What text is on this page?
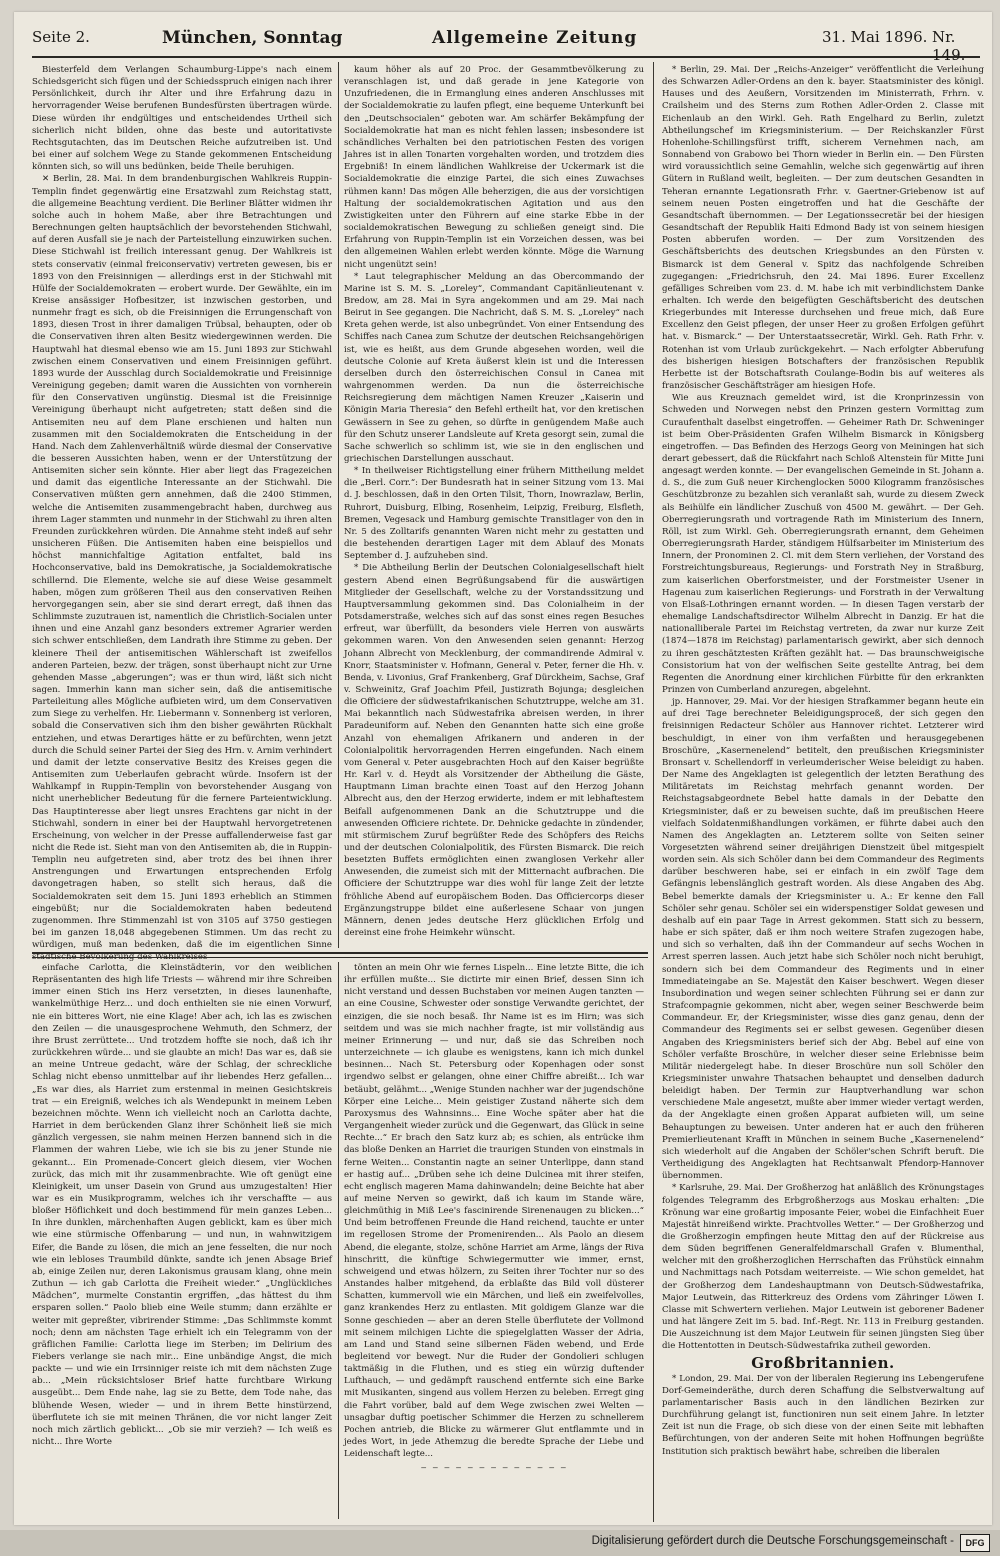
Seite 2.	München, Sonntag	Allgemeine Zeitung	31. Mai 1896. Nr. 149.

Biesterfeld dem Verlangen Schaumburg-Lippe's nach einem Schiedsgericht sich fügen und der Schiedsspruch einigen nach ihrer Persönlichkeit, durch ihr Alter und ihre Erfahrung dazu in hervorragender Weise berufenen Bundesfürsten übertragen würde. Diese würden ihr endgültiges und entscheidendes Urtheil sich sicherlich nicht bilden, ohne das beste und autoritativste Rechtsgutachten, das im Deutschen Reiche aufzutreiben ist. Und bei einer auf solchem Wege zu Stande gekommenen Entscheidung könnten sich, so will uns bedünken, beide Theile beruhigen.

✕ Berlin, 28. Mai. In dem brandenburgischen Wahlkreis Ruppin-Templin findet gegenwärtig eine Ersatzwahl zum Reichstag statt, die allgemeine Beachtung verdient. Die Berliner Blätter widmen ihr solche auch in hohem Maße, aber ihre Betrachtungen und Berechnungen gelten hauptsächlich der bevorstehenden Stichwahl, auf deren Ausfall sie je nach der Parteistellung einzuwirken suchen. Diese Stichwahl ist freilich interessant genug. Der Wahlkreis ist stets conservativ (einmal freiconservativ) vertreten gewesen, bis er 1893 von den Freisinnigen — allerdings erst in der Stichwahl mit Hülfe der Socialdemokraten — erobert wurde. Der Gewählte, ein im Kreise ansässiger Hofbesitzer, ist inzwischen gestorben, und nunmehr fragt es sich, ob die Freisinnigen die Errungenschaft von 1893, diesen Trost in ihrer damaligen Trübsal, behaupten, oder ob die Conservativen ihren alten Besitz wiedergewinnen werden. Die Hauptwahl hat diesmal ebenso wie am 15. Juni 1893 zur Stichwahl zwischen einem Conservativen und einem Freisinnigen geführt. 1893 wurde der Ausschlag durch Socialdemokratie und Freisinnige Vereinigung gegeben; damit waren die Aussichten von vornherein für den Conservativen ungünstig. Diesmal ist die Freisinnige Vereinigung überhaupt nicht aufgetreten; statt deßen sind die Antisemiten neu auf dem Plane erschienen und halten nun zusammen mit den Socialdemokraten die Entscheidung in der Hand. Nach dem Zahlenverhältniß würde diesmal der Conservative die besseren Aussichten haben, wenn er der Unterstützung der Antisemiten sicher sein könnte. Hier aber liegt das Fragezeichen und damit das eigentliche Interessante an der Stichwahl. Die Conservativen müßten gern annehmen, daß die 2400 Stimmen, welche die Antisemiten zusammengebracht haben, durchweg aus ihrem Lager stammten und nunmehr in der Stichwahl zu ihren alten Freunden zurückkehren würden. Die Annahme steht indeß auf sehr unsicheren Füßen. Die Antisemiten haben eine beispiellos und höchst mannichfaltige Agitation entfaltet, bald ins Hochconservative, bald ins Demokratische, ja Socialdemokratische schillernd. Die Elemente, welche sie auf diese Weise gesammelt haben, mögen zum größeren Theil aus den conservativen Reihen hervorgegangen sein, aber sie sind derart erregt, daß ihnen das Schlimmste zuzutrauen ist, namentlich die Christlich-Socialen unter ihnen und eine Anzahl ganz besonders extremer Agrarier werden sich schwer entschließen, dem Landrath ihre Stimme zu geben. Der kleinere Theil der antisemitischen Wählerschaft ist zweifellos anderen Parteien, bezw. der trägen, sonst überhaupt nicht zur Urne gehenden Masse „abgerungen“; was er thun wird, läßt sich nicht sagen. Immerhin kann man sicher sein, daß die antisemitische Parteileitung alles Mögliche aufbieten wird, um dem Conservativen zum Siege zu verhelfen. Hr. Liebermann v. Sonnenberg ist verloren, sobald die Conservativen sich ihm den bisher gewährten Rückhalt entziehen, und etwas Derartiges hätte er zu befürchten, wenn jetzt durch die Schuld seiner Partei der Sieg des Hrn. v. Arnim verhindert und damit der letzte conservative Besitz des Kreises gegen die Antisemiten zum Ueberlaufen gebracht würde. Insofern ist der Wahlkampf in Ruppin-Templin von bevorstehender Ausgang von nicht unerheblicher Bedeutung für die fernere Parteientwicklung. Das Hauptinteresse aber liegt unsres Erachtens gar nicht in der Stichwahl, sondern in einer bei der Hauptwahl hervorgetretenen Erscheinung, von welcher in der Presse auffallenderweise fast gar nicht die Rede ist. Sieht man von den Antisemiten ab, die in Ruppin-Templin neu aufgetreten sind, aber trotz des bei ihnen ihrer Anstrengungen und Erwartungen entsprechenden Erfolg davongetragen haben, so stellt sich heraus, daß die Socialdemokraten seit dem 15. Juni 1893 erheblich an Stimmen eingebüßt; nur die Socialdemokraten haben bedeutend zugenommen. Ihre Stimmenzahl ist von 3105 auf 3750 gestiegen bei im ganzen 18,048 abgegebenen Stimmen. Um das recht zu würdigen, muß man bedenken, daß die im eigentlichen Sinne städtische Bevölkerung des Wahlkreises

kaum höher als auf 20 Proc. der Gesammtbevölkerung zu veranschlagen ist, und daß gerade in jene Kategorie von Unzufriedenen, die in Ermanglung eines anderen Anschlusses mit der Socialdemokratie zu laufen pflegt, eine bequeme Unterkunft bei den „Deutschsocialen“ geboten war. Am schärfer Bekämpfung der Socialdemokratie hat man es nicht fehlen lassen; insbesondere ist schändliches Verhalten bei den patriotischen Festen des vorigen Jahres ist in allen Tonarten vorgehalten worden, und trotzdem dies Ergebniß! In einem ländlichen Wahlkreise der Uckermark ist die Socialdemokratie die einzige Partei, die sich eines Zuwachses rühmen kann! Das mögen Alle beherzigen, die aus der vorsichtigen Haltung der socialdemokratischen Agitation und aus den Zwistigkeiten unter den Führern auf eine starke Ebbe in der socialdemokratischen Bewegung zu schließen geneigt sind. Die Erfahrung von Ruppin-Templin ist ein Vorzeichen dessen, was bei den allgemeinen Wahlen erlebt werden könnte. Möge die Warnung nicht ungenützt sein!

* Laut telegraphischer Meldung an das Obercommando der Marine ist S. M. S. „Loreley“, Commandant Capitänlieutenant v. Bredow, am 28. Mai in Syra angekommen und am 29. Mai nach Beirut in See gegangen. Die Nachricht, daß S. M. S. „Loreley“ nach Kreta gehen werde, ist also unbegründet. Von einer Entsendung des Schiffes nach Canea zum Schutze der deutschen Reichsangehörigen ist, wie es heißt, aus dem Grunde abgesehen worden, weil die deutsche Colonie auf Kreta äußerst klein ist und die Interessen derselben durch den österreichischen Consul in Canea mit wahrgenommen werden. Da nun die österreichische Reichsregierung dem mächtigen Namen Kreuzer „Kaiserin und Königin Maria Theresia“ den Befehl ertheilt hat, vor den kretischen Gewässern in See zu gehen, so dürfte in genügendem Maße auch für den Schutz unserer Landsleute auf Kreta gesorgt sein, zumal die Sache schwerlich so schlimm ist, wie sie in den englischen und griechischen Darstellungen ausschaut.

* In theilweiser Richtigstellung einer frühern Mittheilung meldet die „Berl. Corr.“: Der Bundesrath hat in seiner Sitzung vom 13. Mai d. J. beschlossen, daß in den Orten Tilsit, Thorn, Inowrazlaw, Berlin, Ruhrort, Duisburg, Elbing, Rosenheim, Leipzig, Freiburg, Elsfleth, Bremen, Vegesack und Hamburg gemischte Transitlager von den in Nr. 5 des Zolltarifs genannten Waren nicht mehr zu gestatten und die bestehenden derartigen Lager mit dem Ablauf des Monats September d. J. aufzuheben sind.

* Die Abtheilung Berlin der Deutschen Colonialgesellschaft hielt gestern Abend einen Begrüßungsabend für die auswärtigen Mitglieder der Gesellschaft, welche zu der Vorstandssitzung und Hauptversammlung gekommen sind. Das Colonialheim in der Potsdamerstraße, welches sich auf das sonst eines regen Besuches erfreut, war überfüllt, da besonders viele Herren von auswärts gekommen waren. Von den Anwesenden seien genannt: Herzog Johann Albrecht von Mecklenburg, der commandirende Admiral v. Knorr, Staatsminister v. Hofmann, General v. Peter, ferner die Hh. v. Benda, v. Livonius, Graf Frankenberg, Graf Dürckheim, Sachse, Graf v. Schweinitz, Graf Joachim Pfeil, Justizrath Bojunga; desgleichen die Officiere der südwestafrikanischen Schutztruppe, welche am 31. Mai bekanntlich nach Südwestafrika abreisen werden, in ihrer Paradeuniform auf. Neben den Genannten hatte sich eine große Anzahl von ehemaligen Afrikanern und anderen in der Colonialpolitik hervorragenden Herren eingefunden. Nach einem vom General v. Peter ausgebrachten Hoch auf den Kaiser begrüßte Hr. Karl v. d. Heydt als Vorsitzender der Abtheilung die Gäste, Hauptmann Liman brachte einen Toast auf den Herzog Johann Albrecht aus, den der Herzog erwiderte, indem er mit lebhaftestem Beifall aufgenommenen Dank an die Schutztruppe und die anwesenden Officiere richtete. Dr. Dehnicke gedachte in zündender, mit stürmischem Zuruf begrüßter Rede des Schöpfers des Reichs und der deutschen Colonialpolitik, des Fürsten Bismarck. Die reich besetzten Buffets ermöglichten einen zwanglosen Verkehr aller Anwesenden, die zumeist sich mit der Mitternacht aufbrachen. Die Officiere der Schutztruppe war dies wohl für lange Zeit der letzte fröhliche Abend auf europäischem Boden. Das Officiercorps dieser Ergänzungstruppe bildet eine außerlesene Schaar von jungen Männern, denen jedes deutsche Herz glücklichen Erfolg und dereinst eine frohe Heimkehr wünscht.

* Berlin, 29. Mai. Der „Reichs-Anzeiger“ veröffentlicht die Verleihung des Schwarzen Adler-Ordens an den k. bayer. Staatsminister des königl. Hauses und des Aeußern, Vorsitzenden im Ministerrath, Frhrn. v. Crailsheim und des Sterns zum Rothen Adler-Orden 2. Classe mit Eichenlaub an den Wirkl. Geh. Rath Engelhard zu Berlin, zuletzt Abtheilungschef im Kriegsministerium. — Der Reichskanzler Fürst Hohenlohe-Schillingsfürst trifft, sicherem Vernehmen nach, am Sonnabend von Grabowo bei Thorn wieder in Berlin ein. — Den Fürsten wird voraussichtlich seine Gemahlin, welche sich gegenwärtig auf ihren Gütern in Rußland weilt, begleiten. — Der zum deutschen Gesandten in Teheran ernannte Legationsrath Frhr. v. Gaertner-Griebenow ist auf seinem neuen Posten eingetroffen und hat die Geschäfte der Gesandtschaft übernommen. — Der Legationssecretär bei der hiesigen Gesandtschaft der Republik Haiti Edmond Bady ist von seinem hiesigen Posten abberufen worden. — Der zum Vorsitzenden des Geschäftsberichts des deutschen Kriegsbundes an den Fürsten v. Bismarck ist dem General v. Spitz das nachfolgende Schreiben zugegangen: „Friedrichsruh, den 24. Mai 1896. Eurer Excellenz gefälliges Schreiben vom 23. d. M. habe ich mit verbindlichstem Danke erhalten. Ich werde den beigefügten Geschäftsbericht des deutschen Kriegerbundes mit Interesse durchsehen und freue mich, daß Eure Excellenz den Geist pflegen, der unser Heer zu großen Erfolgen geführt hat. v. Bismarck.“ — Der Unterstaatssecretär, Wirkl. Geh. Rath Frhr. v. Rotenhan ist vom Urlaub zurückgekehrt. — Nach erfolgter Abberufung des bisherigen hiesigen Botschafters der französischen Republik Herbette ist der Botschaftsrath Coulange-Bodin bis auf weiteres als französischer Geschäftsträger am hiesigen Hofe.

Wie aus Kreuznach gemeldet wird, ist die Kronprinzessin von Schweden und Norwegen nebst den Prinzen gestern Vormittag zum Curaufenthalt daselbst eingetroffen. — Geheimer Rath Dr. Schweninger ist beim Ober-Präsidenten Grafen Wilhelm Bismarck in Königsberg eingetroffen. — Das Befinden des Herzogs Georg von Meiningen hat sich derart gebessert, daß die Rückfahrt nach Schloß Altenstein für Mitte Juni angesagt werden konnte. — Der evangelischen Gemeinde in St. Johann a. d. S., die zum Guß neuer Kirchenglocken 5000 Kilogramm französisches Geschützbronze zu bezahlen sich veranlaßt sah, wurde zu diesem Zweck als Beihülfe ein ländlicher Zuschuß von 4500 M. gewährt. — Der Geh. Oberregierungsrath und vortragende Rath im Ministerium des Innern, Röll, ist zum Wirkl. Geh. Oberregierungsrath ernannt, dem Geheimen Oberregierungsrath Harder, ständigem Hülfsarbeiter im Ministerium des Innern, der Pronominen 2. Cl. mit dem Stern verliehen, der Vorstand des Forstreichtungsbureaus, Regierungs- und Forstrath Ney in Straßburg, zum kaiserlichen Oberforstmeister, und der Forstmeister Usener in Hagenau zum kaiserlichen Regierungs- und Forstrath in der Verwaltung von Elsaß-Lothringen ernannt worden. — In diesen Tagen verstarb der ehemalige Landschaftsdirector Wilhelm Albrecht in Danzig. Er hat die nationalliberale Partei im Reichstag vertreten, da zwar nur kurze Zeit (1874—1878 im Reichstag) parlamentarisch gewirkt, aber sich dennoch zu ihren geschätztesten Kräften gezählt hat. — Das braunschweigische Consistorium hat von der welfischen Seite gestellte Antrag, bei dem Regenten die Anordnung einer kirchlichen Fürbitte für den erkrankten Prinzen von Cumberland anzuregen, abgelehnt.

jp. Hannover, 29. Mai. Vor der hiesigen Strafkammer begann heute ein auf drei Tage berechneter Beleidigungsproceß, der sich gegen den freisinnigen Redacteur Schöler aus Hannover richtet. Letzterer wird beschuldigt, in einer von ihm verfaßten und herausgegebenen Broschüre, „Kasernenelend“ betitelt, den preußischen Kriegsminister Bronsart v. Schellendorff in verleumderischer Weise beleidigt zu haben. Der Name des Angeklagten ist gelegentlich der letzten Berathung des Militäretats im Reichstag mehrfach genannt worden. Der Reichstagsabgeordnete Bebel hatte damals in der Debatte den Kriegsminister, daß er zu beweisen suchte, daß im preußischen Heere vielfach Soldatenmißhandlungen vorkämen, er führte dabei auch den Namen des Angeklagten an. Letzterem sollte von Seiten seiner Vorgesetzten während seiner dreijährigen Dienstzeit übel mitgespielt worden sein. Als sich Schöler dann bei dem Commandeur des Regiments darüber beschweren habe, sei er einfach in ein zwölf Tage dem Gefängnis lebenslänglich gestraft worden. Als diese Angaben des Abg. Bebel bemerkte damals der Kriegsminister u. A.: Er kenne den Fall Schöler sehr genau. Schöler sei ein widerspenstiger Soldat gewesen und deshalb auf ein paar Tage in Arrest gekommen. Statt sich zu bessern, habe er sich später, daß er ihm noch weitere Strafen zugezogen habe, und sich so verhalten, daß ihn der Commandeur auf sechs Wochen in Arrest sperren lassen. Auch jetzt habe sich Schöler noch nicht beruhigt, sondern sich bei dem Commandeur des Regiments und in einer Immediateingabe an Se. Majestät den Kaiser beschwert. Wegen dieser Insubordination und wegen seiner schlechten Führung sei er dann zur Strafcompagnie gekommen, nicht aber, wegen seiner Beschwerde beim Commandeur. Er, der Kriegsminister, wisse dies ganz genau, denn der Commandeur des Regiments sei er selbst gewesen. Gegenüber diesen Angaben des Kriegsministers berief sich der Abg. Bebel auf eine von Schöler verfaßte Broschüre, in welcher dieser seine Erlebnisse beim Militär niedergelegt habe. In dieser Broschüre nun soll Schöler den Kriegsminister unwahre Thatsachen behauptet und denselben dadurch beleidigt haben. Der Termin zur Hauptverhandlung war schon verschiedene Male angesetzt, mußte aber immer wieder vertagt werden, da der Angeklagte einen großen Apparat aufbieten will, um seine Behauptungen zu beweisen. Unter anderen hat er auch den früheren Premierlieutenant Krafft in München in seinem Buche „Kasernenelend“ sich wiederholt auf die Angaben der Schöler'schen Schrift beruft. Die Vertheidigung des Angeklagten hat Rechtsanwalt Pfendorp-Hannover übernommen.

* Karlsruhe, 29. Mai. Der Großherzog hat anläßlich des Krönungstages folgendes Telegramm des Erbgroßherzogs aus Moskau erhalten: „Die Krönung war eine großartig imposante Feier, wobei die Einfachheit Euer Majestät hinreißend wirkte. Prachtvolles Wetter.“ — Der Großherzog und die Großherzogin empfingen heute Mittag den auf der Rückreise aus dem Süden begriffenen Generalfeldmarschall Grafen v. Blumenthal, welcher mit den großherzoglichen Herrschaften das Frühstück einnahm und Nachmittags nach Potsdam weiterreiste. — Wie schon gemeldet, hat der Großherzog dem Landeshauptmann von Deutsch-Südwestafrika, Major Leutwein, das Ritterkreuz des Ordens vom Zähringer Löwen I. Classe mit Schwertern verliehen. Major Leutwein ist geborener Badener und hat längere Zeit im 5. bad. Inf.-Regt. Nr. 113 in Freiburg gestanden. Die Auszeichnung ist dem Major Leutwein für seinen jüngsten Sieg über die Hottentotten in Deutsch-Südwestafrika zutheil geworden.

Großbritannien.

* London, 29. Mai. Der von der liberalen Regierung ins Lebengerufene Dorf-Gemeinderäthe, durch deren Schaffung die Selbstverwaltung auf parlamentarischer Basis auch in den ländlichen Bezirken zur Durchführung gelangt ist, functioniren nun seit einem Jahre. In letzter Zeit ist nun die Frage, ob sich diese von der einen Seite mit lebhaften Befürchtungen, von der anderen Seite mit hohen Hoffnungen begrüßte Institution sich praktisch bewährt habe, schreiben die liberalen

einfache Carlotta, die Kleinstädterin, vor den weiblichen Repräsentanten des high life Triests — während mir ihre Schreiben immer einen Stich ins Herz versetzten, in dieses launenhafte, wankelmüthige Herz... und doch enthielten sie nie einen Vorwurf, nie ein bitteres Wort, nie eine Klage! Aber ach, ich las es zwischen den Zeilen — die unausgesprochene Wehmuth, den Schmerz, der ihre Brust zerrüttete... Und trotzdem hoffte sie noch, daß ich ihr zurückkehren würde... und sie glaubte an mich! Das war es, daß sie an meine Untreue gedacht, wäre der Schlag, der schreckliche Schlag nicht ebenso unmittelbar auf ihr liebendes Herz gefallen... „Es war dies, als Harriet zum erstenmal in meinen Gesichtskreis trat — ein Ereigniß, welches ich als Wendepunkt in meinem Leben bezeichnen möchte. Wenn ich vielleicht noch an Carlotta dachte, Harriet in dem berückenden Glanz ihrer Schönheit ließ sie mich gänzlich vergessen, sie nahm meinen Herzen bannend sich in die Flammen der wahren Liebe, wie ich sie bis zu jener Stunde nie gekannt... Ein Promenade-Concert gleich diesem, vier Wochen zurück, das mich mit ihr zusammenbrachte. Wie oft genügt eine Kleinigkeit, um unser Dasein von Grund aus umzugestalten! Hier war es ein Musikprogramm, welches ich ihr verschaffte — aus bloßer Höflichkeit und doch bestimmend für mein ganzes Leben... In ihre dunklen, märchenhaften Augen geblickt, kam es über mich wie eine stürmische Offenbarung — und nun, in wahnwitzigem Eifer, die Bande zu lösen, die mich an jene fesselten, die nur noch wie ein lebloses Traumbild dünkte, sandte ich jenen Absage Brief ab, einige Zeilen nur, deren Lakonismus grausam klang, ohne mein Zuthun — ich gab Carlotta die Freiheit wieder.“ „Unglückliches Mädchen“, murmelte Constantin ergriffen, „das hättest du ihm ersparen sollen.“ Paolo blieb eine Weile stumm; dann erzählte er weiter mit gepreßter, vibrirender Stimme: „Das Schlimmste kommt noch; denn am nächsten Tage erhielt ich ein Telegramm von der gräflichen Familie: Carlotta liege im Sterben; im Delirium des Fiebers verlange sie nach mir... Eine unbändige Angst, die mich packte — und wie ein Irrsinniger reiste ich mit dem nächsten Zuge ab... „Mein rücksichtsloser Brief hatte furchtbare Wirkung ausgeübt... Dem Ende nahe, lag sie zu Bette, dem Tode nahe, das blühende Wesen, wieder — und in ihrem Bette hinstürzend, überflutete ich sie mit meinen Thränen, die vor nicht langer Zeit noch mich zärtlich geblickt... „Ob sie mir verzieh? — Ich weiß es nicht... Ihre Worte

tönten an mein Ohr wie fernes Lispeln... Eine letzte Bitte, die ich ihr erfüllen mußte... Sie dictirte mir einen Brief, dessen Sinn ich nicht verstand und dessen Buchstaben vor meinen Augen tanzten — an eine Cousine, Schwester oder sonstige Verwandte gerichtet, der einzigen, die sie noch besaß. Ihr Name ist es im Hirn; was sich seitdem und was sie mich nachher fragte, ist mir vollständig aus meiner Erinnerung — und nur, daß sie das Schreiben noch unterzeichnete — ich glaube es wenigstens, kann ich mich dunkel besinnen... Nach St. Petersburg oder Kopenhagen oder sonst irgendwo selbst er gelangen, ohne einer Chiffre abreißt... Ich war betäubt, gelähmt... „Wenige Stunden nachher war der jugendschöne Körper eine Leiche... Mein geistiger Zustand näherte sich dem Paroxysmus des Wahnsinns... Eine Woche später aber hat die Vergangenheit wieder zurück und die Gegenwart, das Glück in seine Rechte...“ Er brach den Satz kurz ab; es schien, als entrücke ihm das bloße Denken an Harriet die traurigen Stunden von einstmals in ferne Weiten... Constantin nagte an seiner Unterlippe, dann stand er hastig auf... „Drüben sehe ich deine Dulcinea mit ihrer steifen, echt englisch mageren Mama dahinwandeln; deine Beichte hat aber auf meine Nerven so gewirkt, daß ich kaum im Stande wäre, gleichmüthig in Miß Lee's fascinirende Sirenenaugen zu blicken...“ Und beim betroffenen Freunde die Hand reichend, tauchte er unter im regellosen Strome der Promenirenden... Als Paolo an diesem Abend, die elegante, stolze, schöne Harriet am Arme, längs der Riva hinschritt, die künftige Schwiegermutter wie immer, ernst, schweigend und etwas hölzern, zu Seiten ihrer Tochter nur so des Anstandes halber mitgehend, da erblaßte das Bild voll düsterer Schatten, kummervoll wie ein Märchen, und ließ ein zweifelvolles, ganz krankendes Herz zu entlasten. Mit goldigem Glanze war die Sonne geschieden — aber an deren Stelle überflutete der Vollmond mit seinem milchigen Lichte die spiegelglatten Wasser der Adria, am Land und Stand seine silbernen Fäden webend, und Erde begleitend vor bewegt. Nur die Ruder der Gondolieri schlugen taktmäßig in die Fluthen, und es stieg ein würzig duftender Lufthauch, — und gedämpft rauschend entfernte sich eine Barke mit Musikanten, singend aus vollem Herzen zu beleben. Erregt ging die Fahrt vorüber, bald auf dem Wege zwischen zwei Welten — unsagbar duftig poetischer Schimmer die Herzen zu schnellerem Pochen antrieb, die Blicke zu wärmerer Glut entflammte und in jedes Wort, in jede Athemzug die beredte Sprache der Liebe und Leidenschaft legte...

— — — — — — — — — — — — —
Digitalisierung gefördert durch die Deutsche Forschungsgemeinschaft -	DFG
